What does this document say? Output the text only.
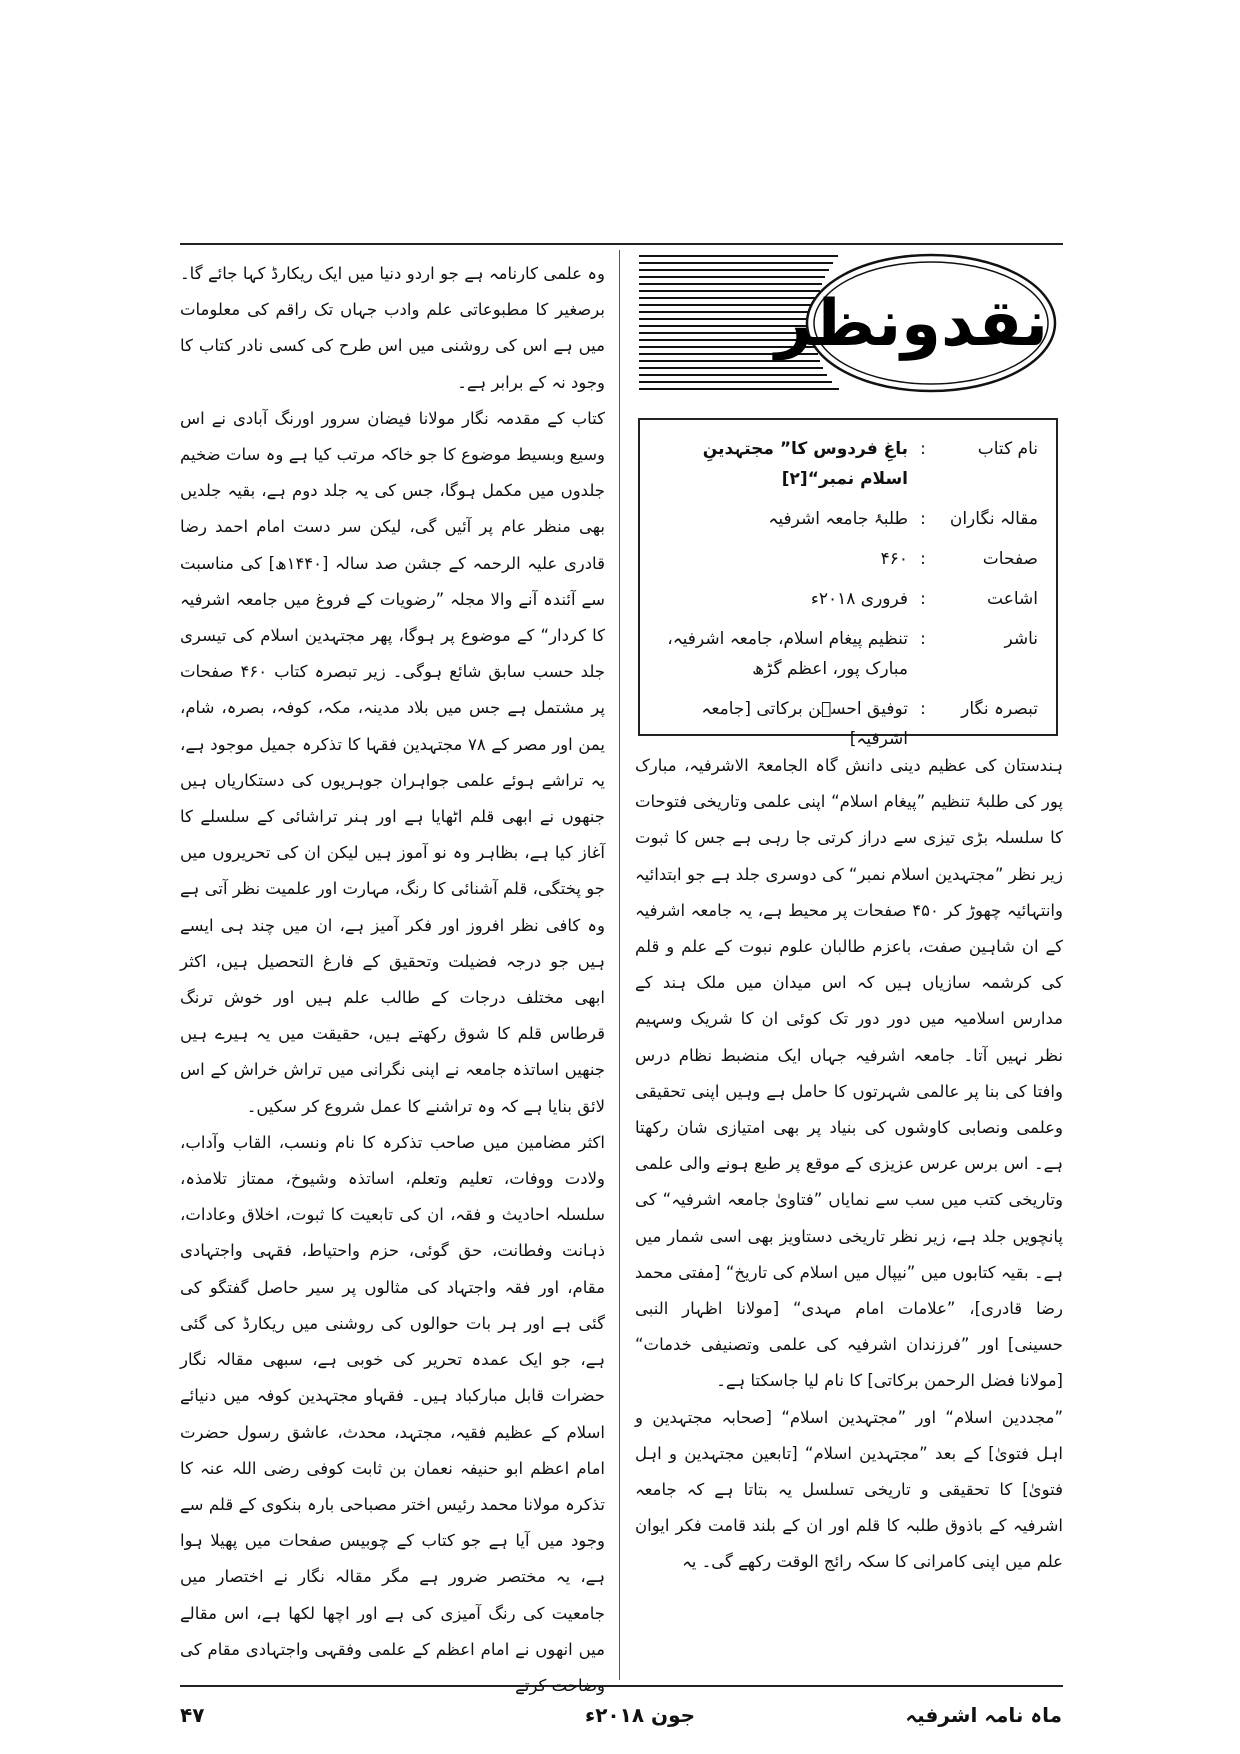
نقدونظر
نام کتاب
:
باغِ فردوس کا” مجتہدینِ اسلام نمبر“[۲]
مقالہ نگاران
:
طلبۂ جامعہ اشرفیہ
صفحات
:
۴۶۰
اشاعت
:
فروری ۲۰۱۸ء
ناشر
:
تنظیم پیغام اسلام، جامعہ اشرفیہ، مبارک پور، اعظم گڑھ
تبصرہ نگار
:
توفیق احسؔن برکاتی [جامعہ اشرفیہ]

وہ علمی کارنامہ ہے جو اردو دنیا میں ایک ریکارڈ کہا جائے گا۔ برصغیر کا مطبوعاتی علم وادب جہاں تک راقم کی معلومات میں ہے اس کی روشنی میں اس طرح کی کسی نادر کتاب کا وجود نہ کے برابر ہے۔

کتاب کے مقدمہ نگار مولانا فیضان سرور اورنگ آبادی نے اس وسیع وبسیط موضوع کا جو خاکہ مرتب کیا ہے وہ سات ضخیم جلدوں میں مکمل ہوگا، جس کی یہ جلد دوم ہے، بقیہ جلدیں بھی منظر عام پر آئیں گی، لیکن سر دست امام احمد رضا قادری علیہ الرحمہ کے جشن صد سالہ [۱۴۴۰ھ] کی مناسبت سے آئندہ آنے والا مجلہ ”رضویات کے فروغ میں جامعہ اشرفیہ کا کردار“ کے موضوع پر ہوگا، پھر مجتہدین اسلام کی تیسری جلد حسب سابق شائع ہوگی۔ زیر تبصرہ کتاب ۴۶۰ صفحات پر مشتمل ہے جس میں بلاد مدینہ، مکہ، کوفہ، بصرہ، شام، یمن اور مصر کے ۷۸ مجتہدین فقہا کا تذکرہ جمیل موجود ہے، یہ تراشے ہوئے علمی جواہران جوہریوں کی دستکاریاں ہیں جنھوں نے ابھی قلم اٹھایا ہے اور ہنر تراشائی کے سلسلے کا آغاز کیا ہے، بظاہر وہ نو آموز ہیں لیکن ان کی تحریروں میں جو پختگی، قلم آشنائی کا رنگ، مہارت اور علمیت نظر آتی ہے وہ کافی نظر افروز اور فکر آمیز ہے، ان میں چند ہی ایسے ہیں جو درجہ فضیلت وتحقیق کے فارغ التحصیل ہیں، اکثر ابھی مختلف درجات کے طالب علم ہیں اور خوش ترنگ قرطاس قلم کا شوق رکھتے ہیں، حقیقت میں یہ ہیرے ہیں جنھیں اساتذہ جامعہ نے اپنی نگرانی میں تراش خراش کے اس لائق بنایا ہے کہ وہ تراشنے کا عمل شروع کر سکیں۔

اکثر مضامین میں صاحب تذکرہ کا نام ونسب، القاب وآداب، ولادت ووفات، تعلیم وتعلم، اساتذہ وشیوخ، ممتاز تلامذہ، سلسلہ احادیث و فقہ، ان کی تابعیت کا ثبوت، اخلاق وعادات، ذہانت وفطانت، حق گوئی، حزم واحتیاط، فقہی واجتہادی مقام، اور فقہ واجتہاد کی مثالوں پر سیر حاصل گفتگو کی گئی ہے اور ہر بات حوالوں کی روشنی میں ریکارڈ کی گئی ہے، جو ایک عمدہ تحریر کی خوبی ہے، سبھی مقالہ نگار حضرات قابل مبارکباد ہیں۔ فقہاو مجتہدین کوفہ میں دنیائے اسلام کے عظیم فقیہ، مجتہد، محدث، عاشق رسول حضرت امام اعظم ابو حنیفہ نعمان بن ثابت کوفی رضی اللہ عنہ کا تذکرہ مولانا محمد رئیس اختر مصباحی بارہ بنکوی کے قلم سے وجود میں آیا ہے جو کتاب کے چوبیس صفحات میں پھیلا ہوا ہے، یہ مختصر ضرور ہے مگر مقالہ نگار نے اختصار میں جامعیت کی رنگ آمیزی کی ہے اور اچھا لکھا ہے، اس مقالے میں انھوں نے امام اعظم کے علمی وفقہی واجتہادی مقام کی وضاحت کرتے

ہندستان کی عظیم دینی دانش گاہ الجامعۃ الاشرفیہ، مبارک پور کی طلبۂ تنظیم ”پیغام اسلام“ اپنی علمی وتاریخی فتوحات کا سلسلہ بڑی تیزی سے دراز کرتی جا رہی ہے جس کا ثبوت زیر نظر ”مجتہدین اسلام نمبر“ کی دوسری جلد ہے جو ابتدائیہ وانتہائیہ چھوڑ کر ۴۵۰ صفحات پر محیط ہے، یہ جامعہ اشرفیہ کے ان شاہین صفت، باعزم طالبان علوم نبوت کے علم و قلم کی کرشمہ سازیاں ہیں کہ اس میدان میں ملک ہند کے مدارس اسلامیہ میں دور دور تک کوئی ان کا شریک وسہیم نظر نہیں آتا۔ جامعہ اشرفیہ جہاں ایک منضبط نظام درس وافتا کی بنا پر عالمی شہرتوں کا حامل ہے وہیں اپنی تحقیقی وعلمی ونصابی کاوشوں کی بنیاد پر بھی امتیازی شان رکھتا ہے۔ اس برس عرس عزیزی کے موقع پر طبع ہونے والی علمی وتاریخی کتب میں سب سے نمایاں ”فتاویٰ جامعہ اشرفیہ“ کی پانچویں جلد ہے، زیر نظر تاریخی دستاویز بھی اسی شمار میں ہے۔ بقیہ کتابوں میں ”نیپال میں اسلام کی تاریخ“ [مفتی محمد رضا قادری]، ”علامات امام مہدی“ [مولانا اظہار النبی حسینی] اور ”فرزندان اشرفیہ کی علمی وتصنیفی خدمات“ [مولانا فضل الرحمن برکاتی] کا نام لیا جاسکتا ہے۔

”مجددین اسلام“ اور ”مجتہدین اسلام“ [صحابہ مجتہدین و اہل فتویٰ] کے بعد ”مجتہدین اسلام“ [تابعین مجتہدین و اہل فتویٰ] کا تحقیقی و تاریخی تسلسل یہ بتاتا ہے کہ جامعہ اشرفیہ کے باذوق طلبہ کا قلم اور ان کے بلند قامت فکر ایوان علم میں اپنی کامرانی کا سکہ رائج الوقت رکھے گی۔ یہ

ماہ نامہ اشرفیہ
جون ۲۰۱۸ء
۴۷
